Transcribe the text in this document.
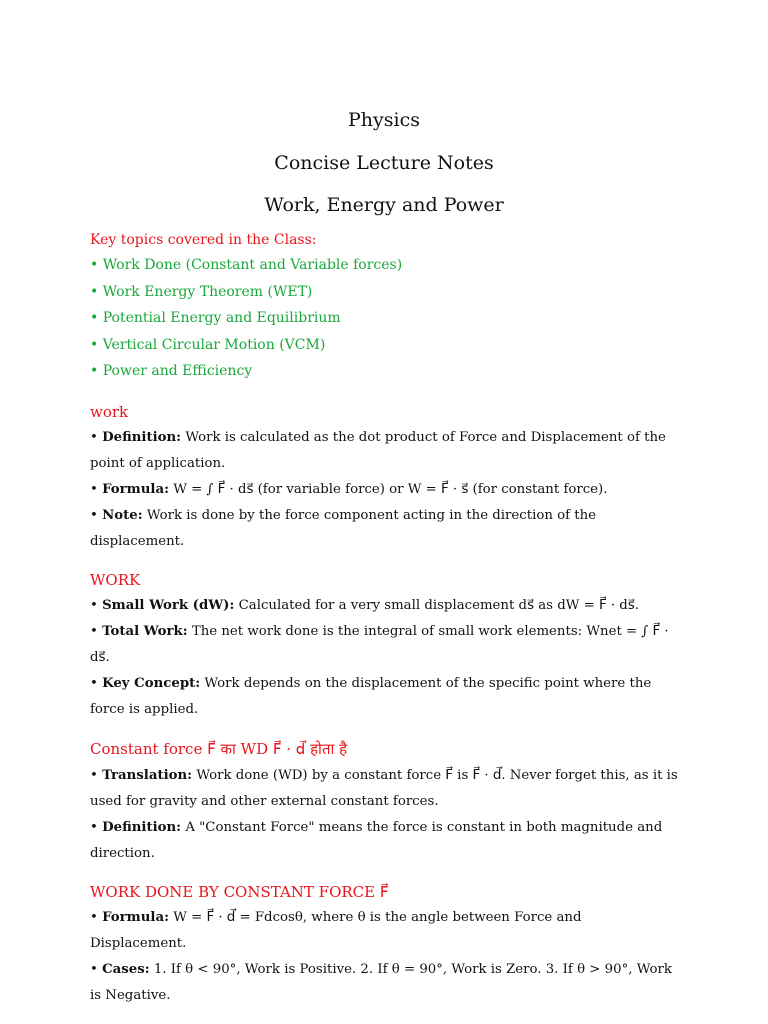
Physics
Concise Lecture Notes
Work, Energy and Power
Key topics covered in the Class:
• Work Done (Constant and Variable forces)
• Work Energy Theorem (WET)
• Potential Energy and Equilibrium
• Vertical Circular Motion (VCM)
• Power and Efficiency
work

• Definition: Work is calculated as the dot product of Force and Displacement of the point of application.

• Formula: W = ∫ F⃗ · ds⃗ (for variable force) or W = F⃗ · s⃗ (for constant force).

• Note: Work is done by the force component acting in the direction of the displacement.

WORK

• Small Work (dW): Calculated for a very small displacement ds⃗ as dW = F⃗ · ds⃗.

• Total Work: The net work done is the integral of small work elements: Wnet = ∫ F⃗ · ds⃗.

• Key Concept: Work depends on the displacement of the specific point where the force is applied.

Constant force F⃗ का WD F⃗ · d⃗ होता है

• Translation: Work done (WD) by a constant force F⃗ is F⃗ · d⃗. Never forget this, as it is used for gravity and other external constant forces.

• Definition: A "Constant Force" means the force is constant in both magnitude and direction.

WORK DONE BY CONSTANT FORCE F⃗

• Formula: W = F⃗ · d⃗ = Fdcosθ, where θ is the angle between Force and Displacement.

• Cases: 1. If θ < 90°, Work is Positive. 2. If θ = 90°, Work is Zero. 3. If θ > 90°, Work is Negative.
